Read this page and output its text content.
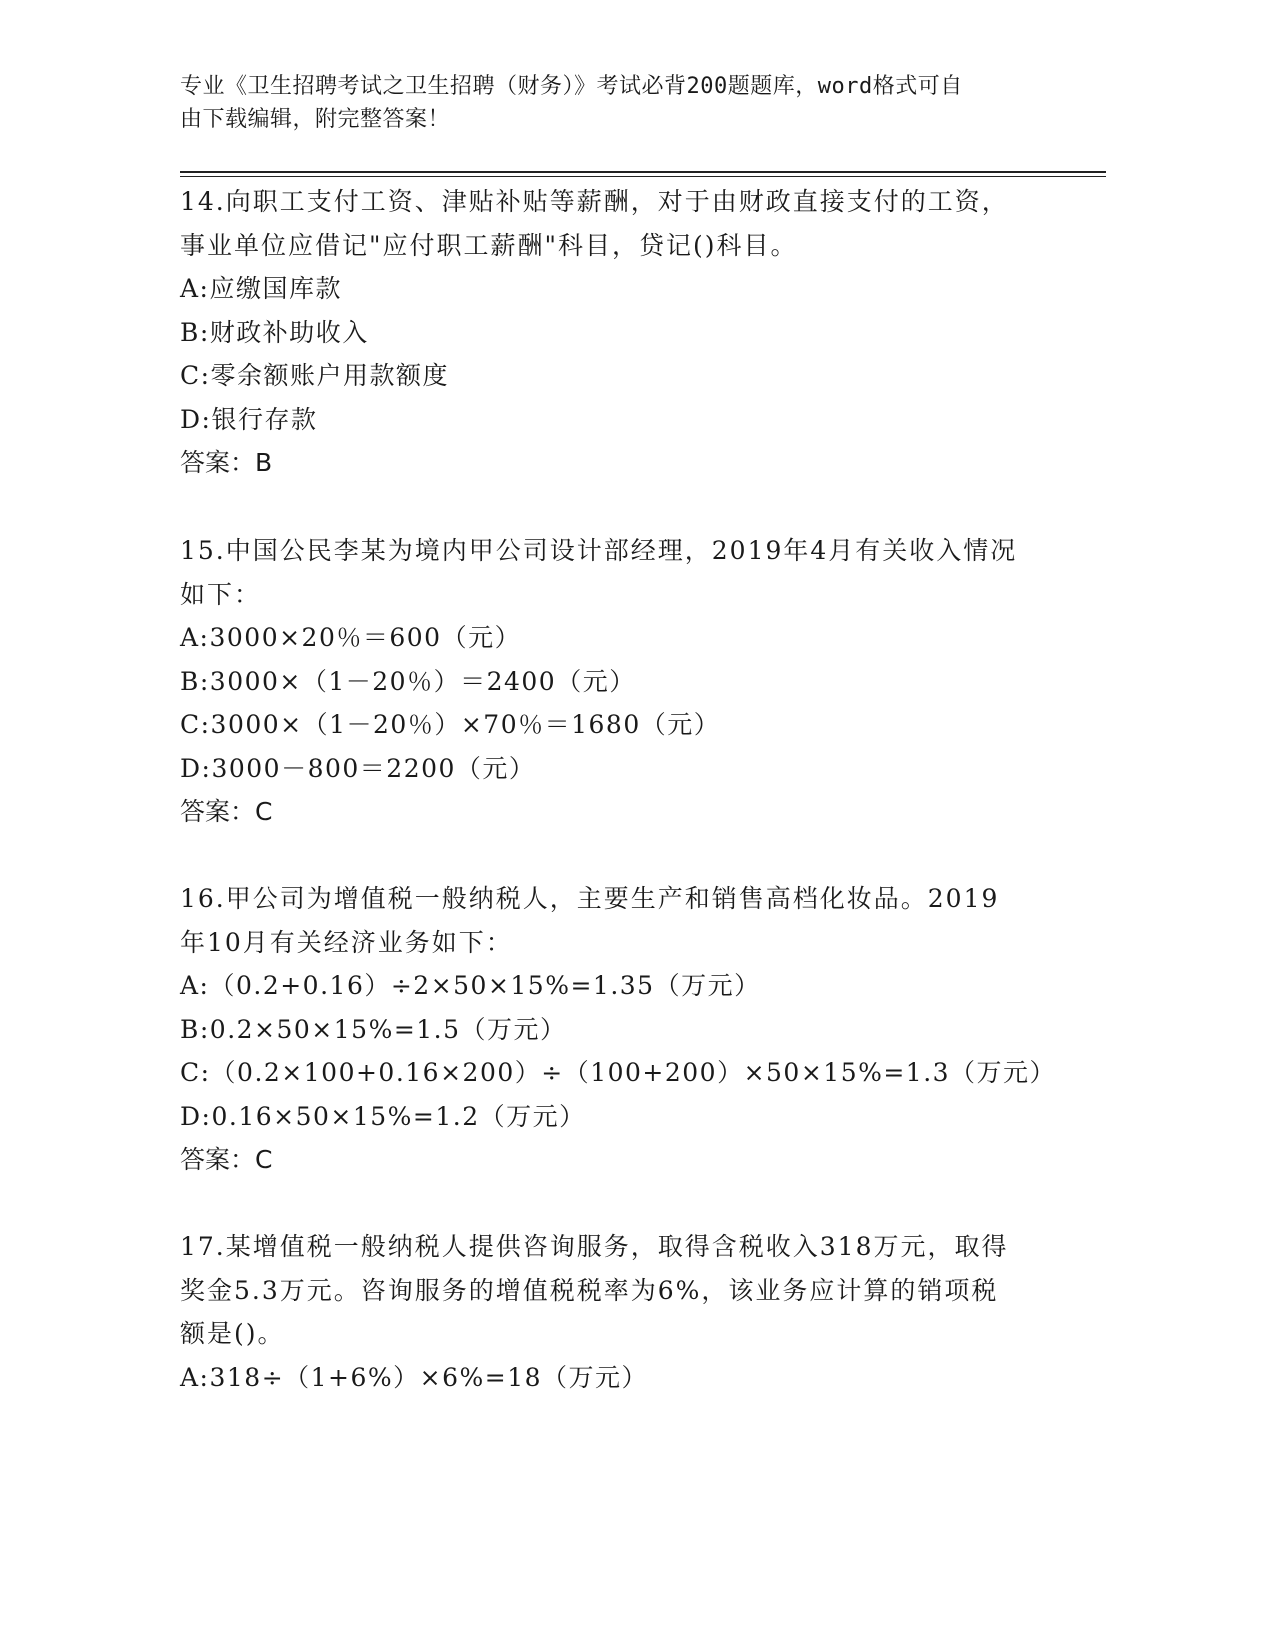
专业《卫生招聘考试之卫生招聘（财务）》考试必背200题题库，word格式可自
由下载编辑，附完整答案！

14.向职工支付工资、津贴补贴等薪酬，对于由财政直接支付的工资，

事业单位应借记"应付职工薪酬"科目，贷记()科目。

A:应缴国库款

B:财政补助收入

C:零余额账户用款额度

D:银行存款

答案：B

15.中国公民李某为境内甲公司设计部经理，2019年4月有关收入情况

如下：

A:3000×20％＝600（元）

B:3000×（1－20％）＝2400（元）

C:3000×（1－20％）×70％＝1680（元）

D:3000－800＝2200（元）

答案：C

16.甲公司为增值税一般纳税人，主要生产和销售高档化妆品。2019

年10月有关经济业务如下：

A:（0.2+0.16）÷2×50×15%=1.35（万元）

B:0.2×50×15%=1.5（万元）

C:（0.2×100+0.16×200）÷（100+200）×50×15%=1.3（万元）

D:0.16×50×15%=1.2（万元）

答案：C

17.某增值税一般纳税人提供咨询服务，取得含税收入318万元，取得

奖金5.3万元。咨询服务的增值税税率为6%，该业务应计算的销项税

额是()。

A:318÷（1+6%）×6%=18（万元）
